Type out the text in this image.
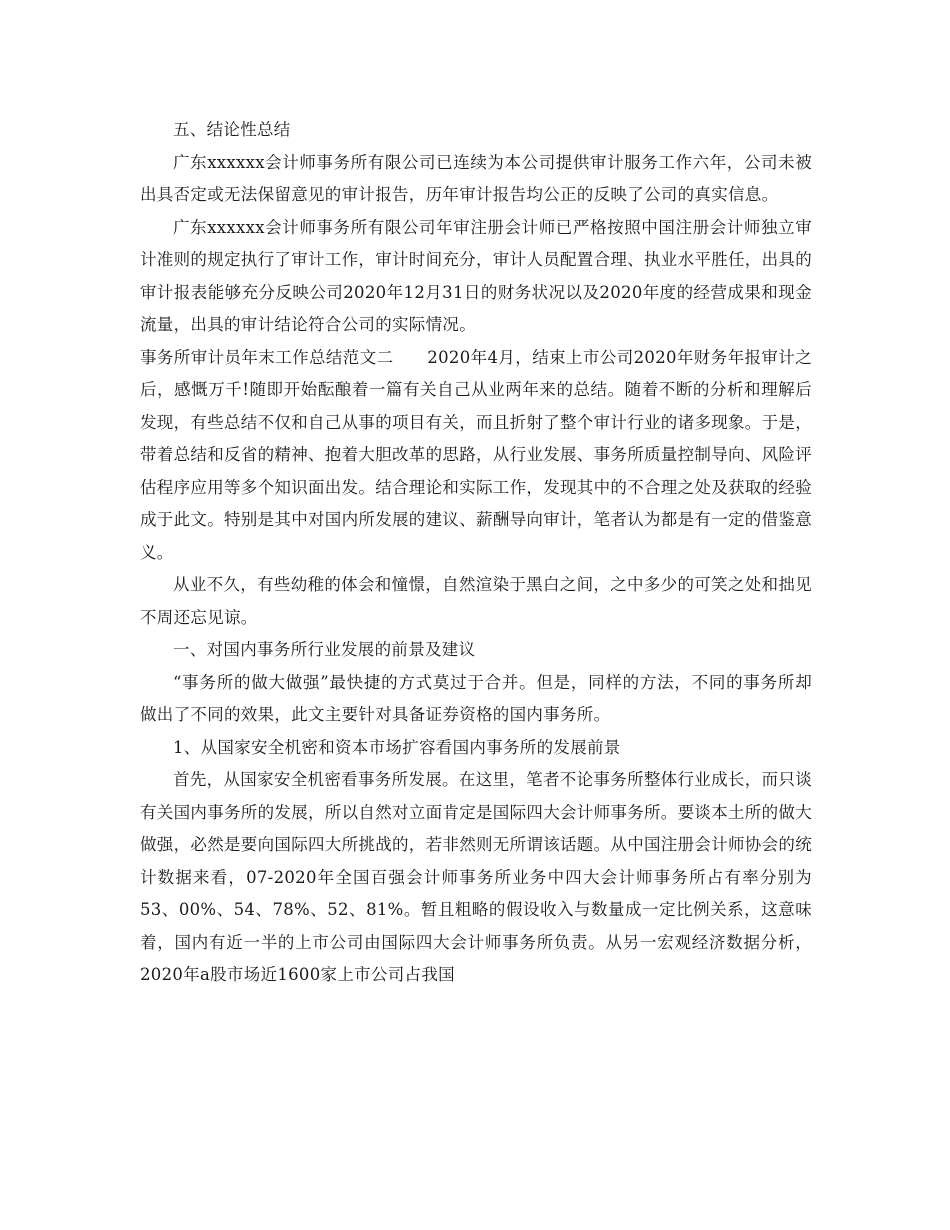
五、结论性总结

广东xxxxxx会计师事务所有限公司已连续为本公司提供审计服务工作六年，公司未被出具否定或无法保留意见的审计报告，历年审计报告均公正的反映了公司的真实信息。

广东xxxxxx会计师事务所有限公司年审注册会计师已严格按照中国注册会计师独立审计准则的规定执行了审计工作，审计时间充分，审计人员配置合理、执业水平胜任，出具的审计报表能够充分反映公司2020年12月31日的财务状况以及2020年度的经营成果和现金流量，出具的审计结论符合公司的实际情况。

事务所审计员年末工作总结范文二　　2020年4月，结束上市公司2020年财务年报审计之后，感慨万千!随即开始酝酿着一篇有关自己从业两年来的总结。随着不断的分析和理解后发现，有些总结不仅和自己从事的项目有关，而且折射了整个审计行业的诸多现象。于是，带着总结和反省的精神、抱着大胆改革的思路，从行业发展、事务所质量控制导向、风险评估程序应用等多个知识面出发。结合理论和实际工作，发现其中的不合理之处及获取的经验成于此文。特别是其中对国内所发展的建议、薪酬导向审计，笔者认为都是有一定的借鉴意义。

从业不久，有些幼稚的体会和憧憬，自然渲染于黑白之间，之中多少的可笑之处和拙见不周还忘见谅。

一、对国内事务所行业发展的前景及建议

“事务所的做大做强”最快捷的方式莫过于合并。但是，同样的方法，不同的事务所却做出了不同的效果，此文主要针对具备证券资格的国内事务所。

1、从国家安全机密和资本市场扩容看国内事务所的发展前景

首先，从国家安全机密看事务所发展。在这里，笔者不论事务所整体行业成长，而只谈有关国内事务所的发展，所以自然对立面肯定是国际四大会计师事务所。要谈本土所的做大做强，必然是要向国际四大所挑战的，若非然则无所谓该话题。从中国注册会计师协会的统计数据来看，07-2020年全国百强会计师事务所业务中四大会计师事务所占有率分别为53、00%、54、78%、52、81%。暂且粗略的假设收入与数量成一定比例关系，这意味着，国内有近一半的上市公司由国际四大会计师事务所负责。从另一宏观经济数据分析，2020年a股市场近1600家上市公司占我国
